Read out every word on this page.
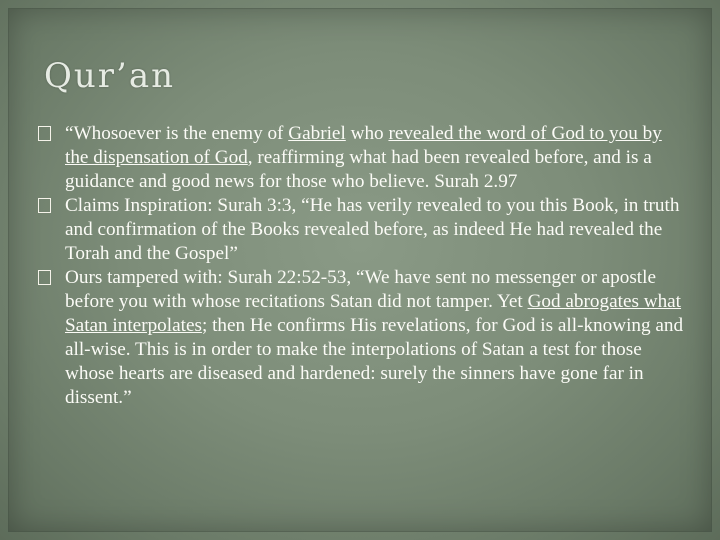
Qur’an

“Whosoever is the enemy of Gabriel who revealed the word of God to you by the dispensation of God, reaffirming what had been revealed before, and is a guidance and good news for those who believe. Surah 2.97

Claims Inspiration: Surah 3:3, “He has verily revealed to you this Book, in truth and confirmation of the Books revealed before, as indeed He had revealed the Torah and the Gospel”

Ours tampered with: Surah 22:52-53, “We have sent no messenger or apostle before you with whose recitations Satan did not tamper. Yet God abrogates what Satan interpolates; then He confirms His revelations, for God is all-knowing and all-wise. This is in order to make the interpolations of Satan a test for those whose hearts are diseased and hardened: surely the sinners have gone far in dissent.”
